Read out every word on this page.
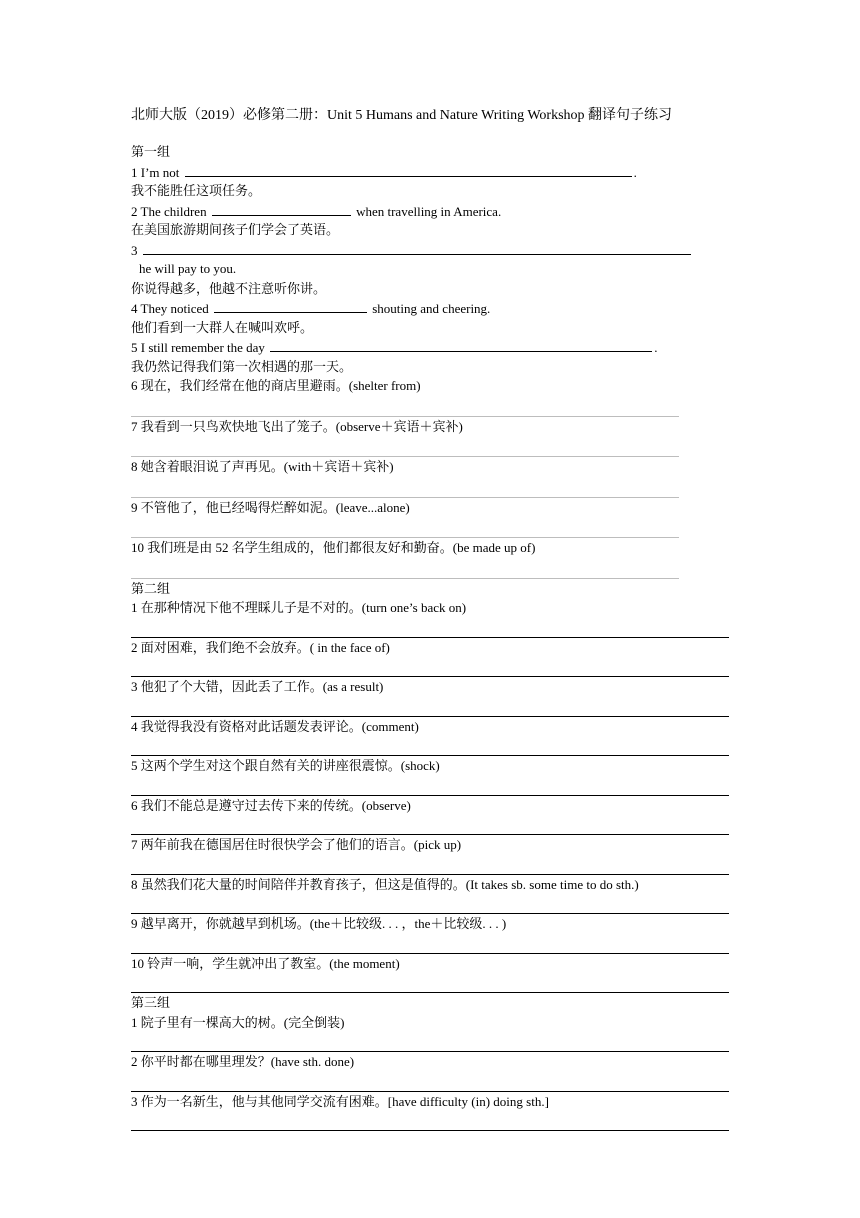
北师大版（2019）必修第二册：Unit 5 Humans and Nature Writing Workshop 翻译句子练习
第一组
1 I’m not	.
我不能胜任这项任务。
2 The children	when travelling in America.
在美国旅游期间孩子们学会了英语。
3
he will pay to you.
你说得越多，他越不注意听你讲。
4 They noticed	shouting and cheering.
他们看到一大群人在喊叫欢呼。
5 I still remember the day	.
我仍然记得我们第一次相遇的那一天。
6 现在，我们经常在他的商店里避雨。(shelter from)
7 我看到一只鸟欢快地飞出了笼子。(observe＋宾语＋宾补)
8 她含着眼泪说了声再见。(with＋宾语＋宾补)
9 不管他了，他已经喝得烂醉如泥。(leave...alone)
10 我们班是由 52 名学生组成的，他们都很友好和勤奋。(be made up of)
第二组
1 在那种情况下他不理睬儿子是不对的。(turn one’s back on)
2 面对困难，我们绝不会放弃。( in the face of)
3 他犯了个大错，因此丢了工作。(as a result)
4 我觉得我没有资格对此话题发表评论。(comment)
5 这两个学生对这个跟自然有关的讲座很震惊。(shock)
6 我们不能总是遵守过去传下来的传统。(observe)
7 两年前我在德国居住时很快学会了他们的语言。(pick up)
8 虽然我们花大量的时间陪伴并教育孩子，但这是值得的。(It takes sb. some time to do sth.)
9 越早离开，你就越早到机场。(the＋比较级. . . ，the＋比较级. . . )
10 铃声一响，学生就冲出了教室。(the moment)
第三组
1 院子里有一棵高大的树。(完全倒装)
2 你平时都在哪里理发？(have sth. done)
3 作为一名新生，他与其他同学交流有困难。[have difficulty (in) doing sth.]
